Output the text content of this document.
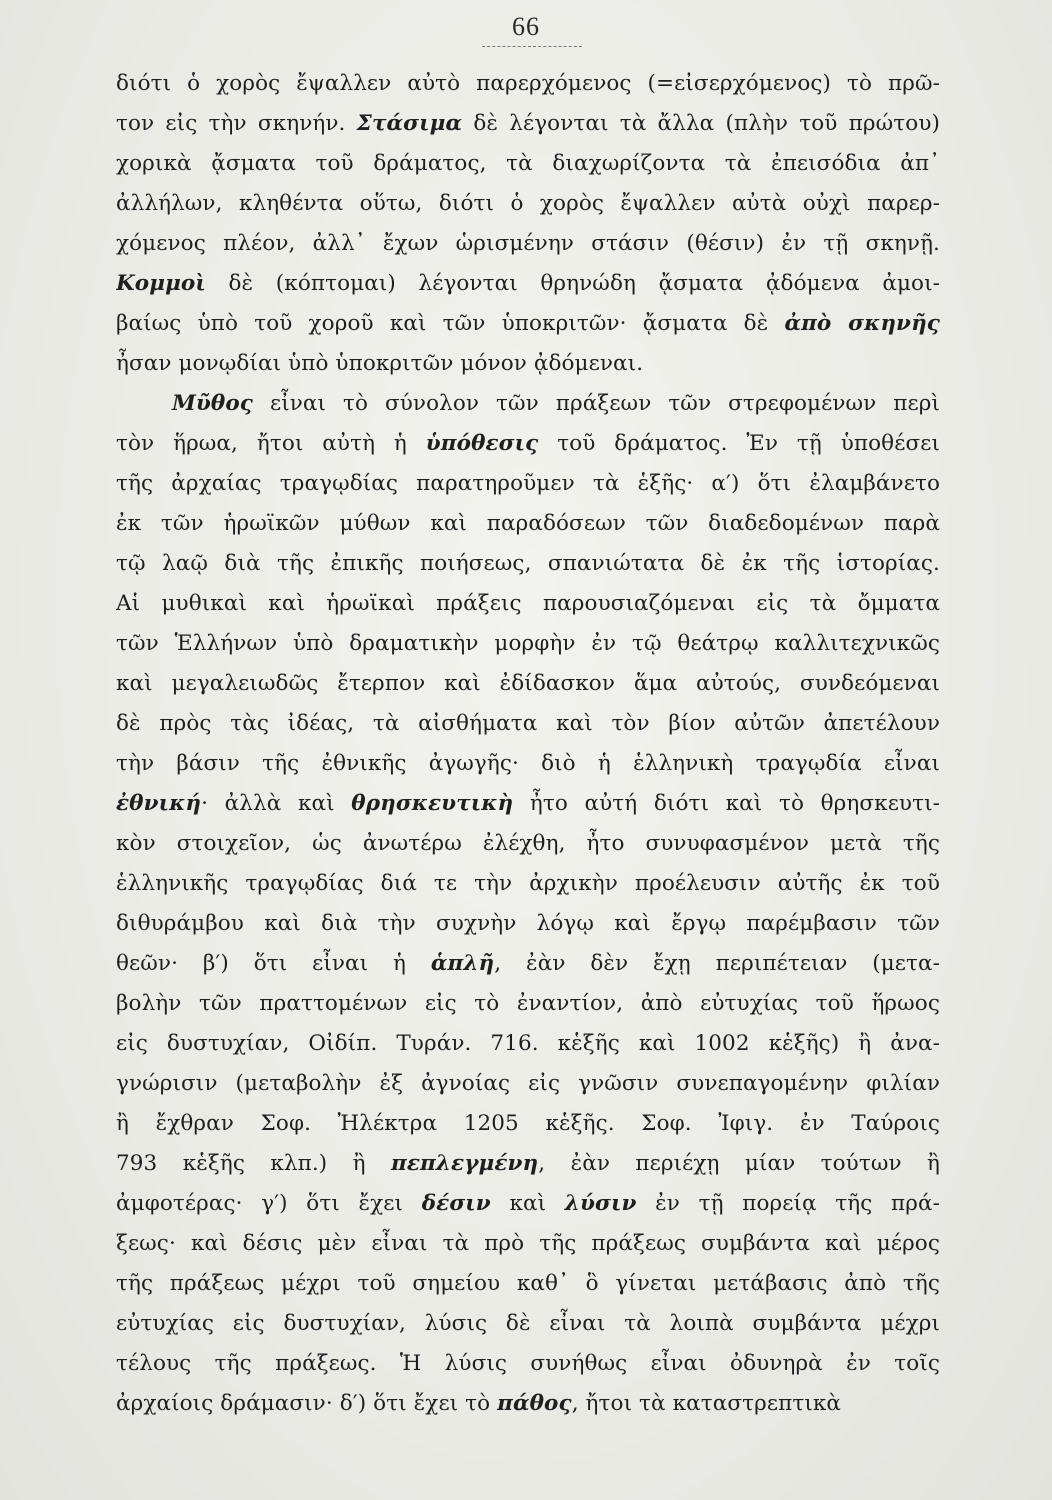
66
διότι ὁ χορὸς ἔψαλλεν αὐτὸ παρερχόμενος (=εἰσερχόμενος) τὸ πρῶ-
τον εἰς τὴν σκηνήν. Στάσιμα δὲ λέγονται τὰ ἄλλα (πλὴν τοῦ πρώτου)
χορικὰ ᾄσματα τοῦ δράματος, τὰ διαχωρίζοντα τὰ ἐπεισόδια ἀπ᾿
ἀλλήλων, κληθέντα οὕτω, διότι ὁ χορὸς ἔψαλλεν αὐτὰ οὐχὶ παρερ-
χόμενος πλέον, ἀλλ᾿ ἔχων ὡρισμένην στάσιν (θέσιν) ἐν τῇ σκηνῇ.
Κομμοὶ δὲ (κόπτομαι) λέγονται θρηνώδη ᾄσματα ᾀδόμενα ἀμοι-
βαίως ὑπὸ τοῦ χοροῦ καὶ τῶν ὑποκριτῶν· ᾄσματα δὲ ἀπὸ σκηνῆς
ἦσαν μονῳδίαι ὑπὸ ὑποκριτῶν μόνον ᾀδόμεναι.
Μῦθος εἶναι τὸ σύνολον τῶν πράξεων τῶν στρεφομένων περὶ
τὸν ἥρωα, ἤτοι αὐτὴ ἡ ὑπόθεσις τοῦ δράματος. Ἐν τῇ ὑποθέσει
τῆς ἀρχαίας τραγῳδίας παρατηροῦμεν τὰ ἑξῆς· α′) ὅτι ἐλαμβάνετο
ἐκ τῶν ἡρωϊκῶν μύθων καὶ παραδόσεων τῶν διαδεδομένων παρὰ
τῷ λαῷ διὰ τῆς ἐπικῆς ποιήσεως, σπανιώτατα δὲ ἐκ τῆς ἱστορίας.
Αἱ μυθικαὶ καὶ ἡρωϊκαὶ πράξεις παρουσιαζόμεναι εἰς τὰ ὄμματα
τῶν Ἑλλήνων ὑπὸ δραματικὴν μορφὴν ἐν τῷ θεάτρῳ καλλιτεχνικῶς
καὶ μεγαλειωδῶς ἔτερπον καὶ ἐδίδασκον ἅμα αὐτούς, συνδεόμεναι
δὲ πρὸς τὰς ἰδέας, τὰ αἰσθήματα καὶ τὸν βίον αὐτῶν ἀπετέλουν
τὴν βάσιν τῆς ἐθνικῆς ἀγωγῆς· διὸ ἡ ἑλληνικὴ τραγῳδία εἶναι
ἐθνική· ἀλλὰ καὶ θρησκευτικὴ ἦτο αὐτή διότι καὶ τὸ θρησκευτι-
κὸν στοιχεῖον, ὡς ἀνωτέρω ἐλέχθη, ἦτο συνυφασμένον μετὰ τῆς
ἑλληνικῆς τραγῳδίας διά τε τὴν ἀρχικὴν προέλευσιν αὐτῆς ἐκ τοῦ
διθυράμβου καὶ διὰ τὴν συχνὴν λόγῳ καὶ ἔργῳ παρέμβασιν τῶν
θεῶν· β′) ὅτι εἶναι ἡ ἁπλῆ, ἐὰν δὲν ἔχῃ περιπέτειαν (μετα-
βολὴν τῶν πραττομένων εἰς τὸ ἐναντίον, ἀπὸ εὐτυχίας τοῦ ἥρωος
εἰς δυστυχίαν, Οἰδίπ. Τυράν. 716. κἑξῆς καὶ 1002 κἑξῆς) ἢ ἀνα-
γνώρισιν (μεταβολὴν ἐξ ἀγνοίας εἰς γνῶσιν συνεπαγομένην φιλίαν
ἢ ἔχθραν Σοφ. Ἠλέκτρα 1205 κἑξῆς. Σοφ. Ἰφιγ. ἐν Ταύροις
793 κἑξῆς κλπ.) ἢ πεπλεγμένη, ἐὰν περιέχῃ μίαν τούτων ἢ
ἀμφοτέρας· γ′) ὅτι ἔχει δέσιν καὶ λύσιν ἐν τῇ πορείᾳ τῆς πρά-
ξεως· καὶ δέσις μὲν εἶναι τὰ πρὸ τῆς πράξεως συμβάντα καὶ μέρος
τῆς πράξεως μέχρι τοῦ σημείου καθ᾿ ὃ γίνεται μετάβασις ἀπὸ τῆς
εὐτυχίας εἰς δυστυχίαν, λύσις δὲ εἶναι τὰ λοιπὰ συμβάντα μέχρι
τέλους τῆς πράξεως. Ἡ λύσις συνήθως εἶναι ὀδυνηρὰ ἐν τοῖς
ἀρχαίοις δράμασιν· δ′) ὅτι ἔχει τὸ πάθος, ἤτοι τὰ καταστρεπτικὰ
